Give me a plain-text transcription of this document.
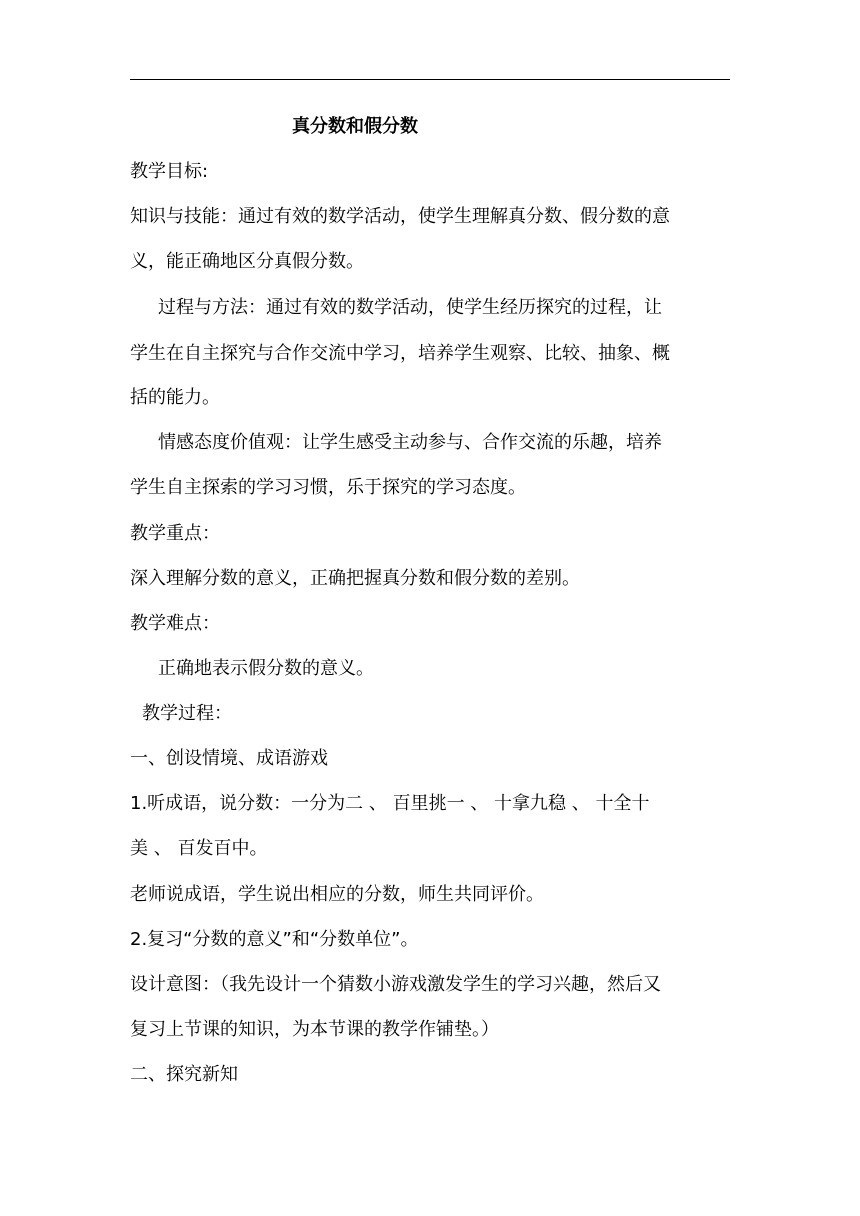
真分数和假分数
教学目标:
知识与技能：通过有效的数学活动，使学生理解真分数、假分数的意
义，能正确地区分真假分数。
过程与方法：通过有效的数学活动，使学生经历探究的过程，让
学生在自主探究与合作交流中学习，培养学生观察、比较、抽象、概
括的能力。
情感态度价值观：让学生感受主动参与、合作交流的乐趣，培养
学生自主探索的学习习惯，乐于探究的学习态度。
教学重点：
深入理解分数的意义，正确把握真分数和假分数的差别。
教学难点：
正确地表示假分数的意义。
教学过程：
一、创设情境、成语游戏
1.听成语，说分数：一分为二 、 百里挑一 、 十拿九稳 、 十全十
美 、 百发百中。
老师说成语，学生说出相应的分数，师生共同评价。
2.复习“分数的意义”和“分数单位”。
设计意图：（我先设计一个猜数小游戏激发学生的学习兴趣，然后又
复习上节课的知识，为本节课的教学作铺垫。）
二、探究新知
